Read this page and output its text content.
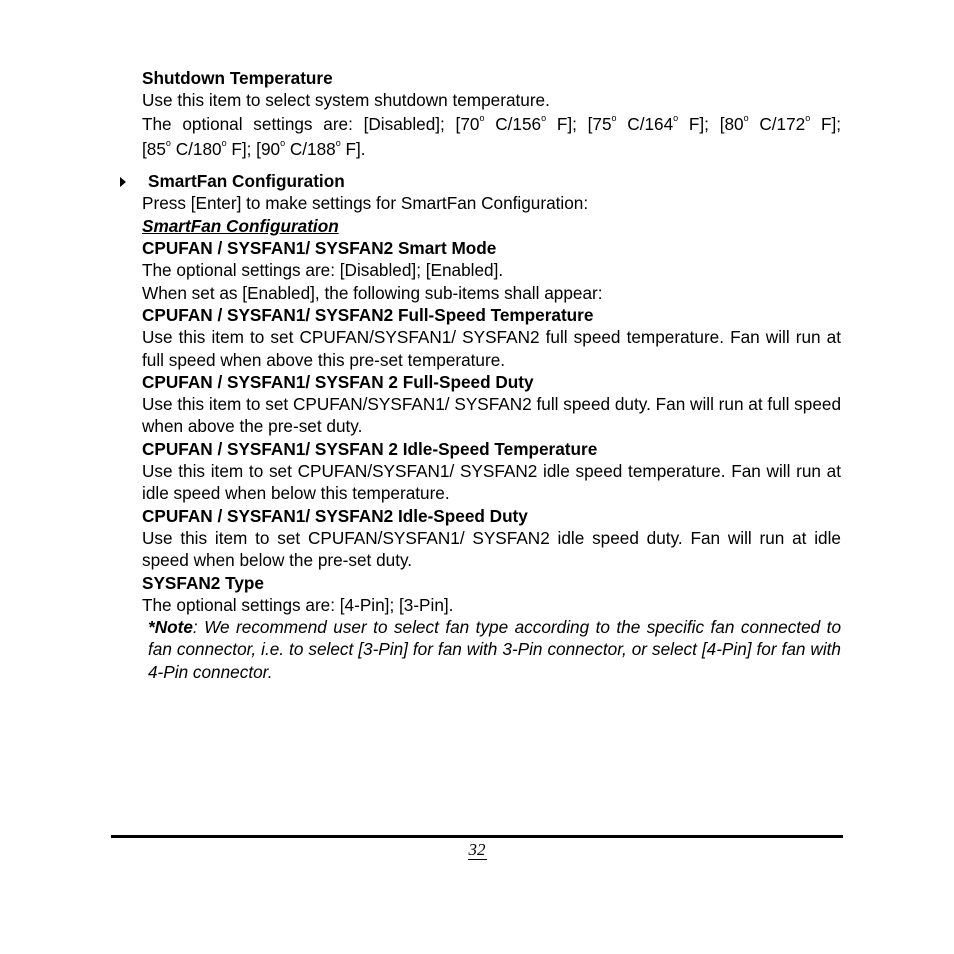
Shutdown Temperature

Use this item to select system shutdown temperature.

The optional settings are: [Disabled]; [70$^o$ C/156$^o$ F]; [75$^o$ C/164$^o$ F]; [80$^o$ C/172$^o$ F];

[85$^o$ C/180$^o$ F]; [90$^o$ C/188$^o$ F].

SmartFan Configuration

Press [Enter] to make settings for SmartFan Configuration:

SmartFan Configuration

CPUFAN / SYSFAN1/ SYSFAN2 Smart Mode

The optional settings are: [Disabled]; [Enabled].

When set as [Enabled], the following sub-items shall appear:

CPUFAN / SYSFAN1/ SYSFAN2 Full-Speed Temperature

Use this item to set CPUFAN/SYSFAN1/ SYSFAN2 full speed temperature. Fan will run at full speed when above this pre-set temperature.

CPUFAN / SYSFAN1/ SYSFAN 2 Full-Speed Duty

Use this item to set CPUFAN/SYSFAN1/ SYSFAN2 full speed duty. Fan will run at full speed when above the pre-set duty.

CPUFAN / SYSFAN1/ SYSFAN 2 Idle-Speed Temperature

Use this item to set CPUFAN/SYSFAN1/ SYSFAN2 idle speed temperature. Fan will run at idle speed when below this temperature.

CPUFAN / SYSFAN1/ SYSFAN2 Idle-Speed Duty

Use this item to set CPUFAN/SYSFAN1/ SYSFAN2 idle speed duty. Fan will run at idle speed when below the pre-set duty.

SYSFAN2 Type

The optional settings are: [4-Pin]; [3-Pin].

*Note: We recommend user to select fan type according to the specific fan connected to fan connector, i.e. to select [3-Pin] for fan with 3-Pin connector, or select [4-Pin] for fan with 4-Pin connector.

32
